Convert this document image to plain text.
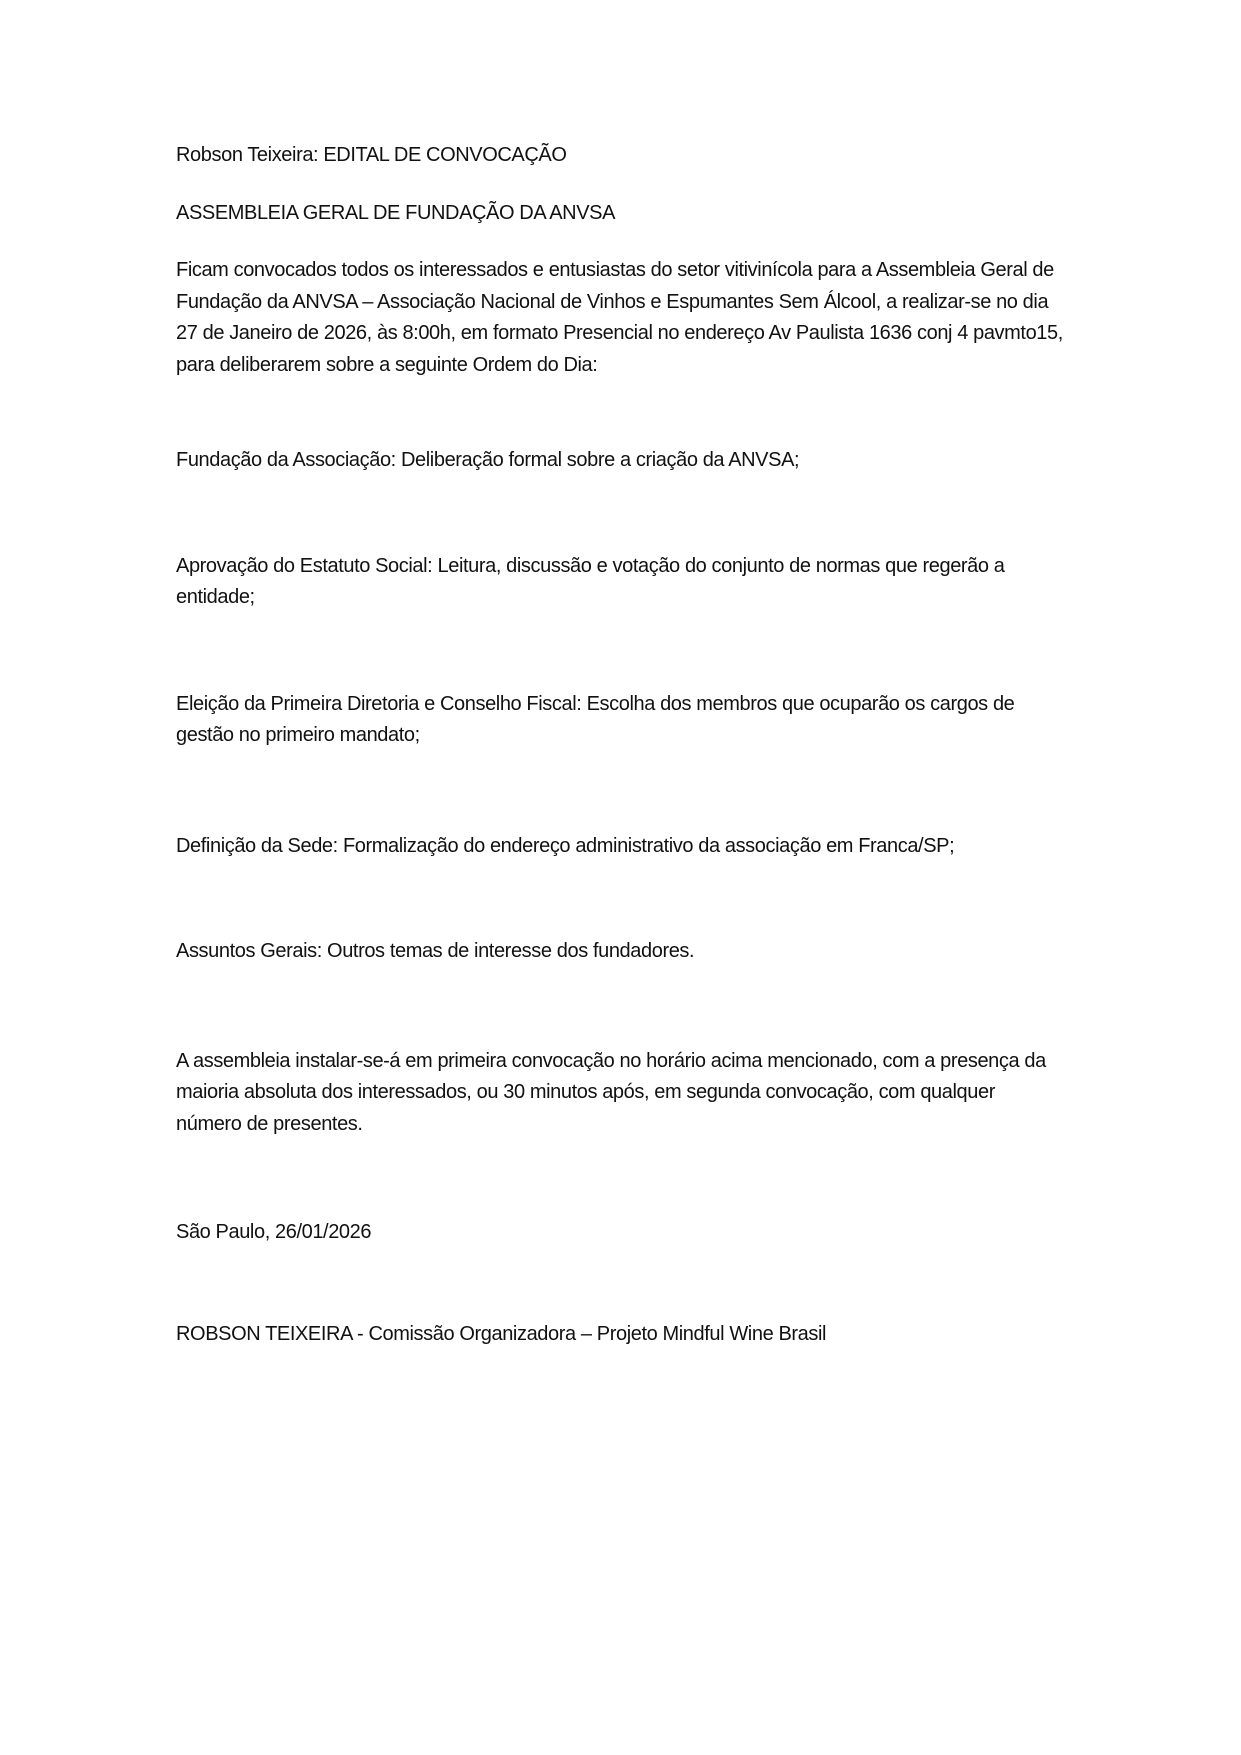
Robson Teixeira: EDITAL DE CONVOCAÇÃO
ASSEMBLEIA GERAL DE FUNDAÇÃO DA ANVSA
Ficam convocados todos os interessados e entusiastas do setor vitivinícola para a Assembleia Geral de Fundação da ANVSA – Associação Nacional de Vinhos e Espumantes Sem Álcool, a realizar-se no dia 27 de Janeiro de 2026, às 8:00h, em formato Presencial no endereço Av Paulista 1636 conj 4 pavmto15, para deliberarem sobre a seguinte Ordem do Dia:
Fundação da Associação: Deliberação formal sobre a criação da ANVSA;
Aprovação do Estatuto Social: Leitura, discussão e votação do conjunto de normas que regerão a entidade;
Eleição da Primeira Diretoria e Conselho Fiscal: Escolha dos membros que ocuparão os cargos de gestão no primeiro mandato;
Definição da Sede: Formalização do endereço administrativo da associação em Franca/SP;
Assuntos Gerais: Outros temas de interesse dos fundadores.
A assembleia instalar-se-á em primeira convocação no horário acima mencionado, com a presença da maioria absoluta dos interessados, ou 30 minutos após, em segunda convocação, com qualquer número de presentes.
São Paulo, 26/01/2026
ROBSON TEIXEIRA - Comissão Organizadora – Projeto Mindful Wine Brasil
